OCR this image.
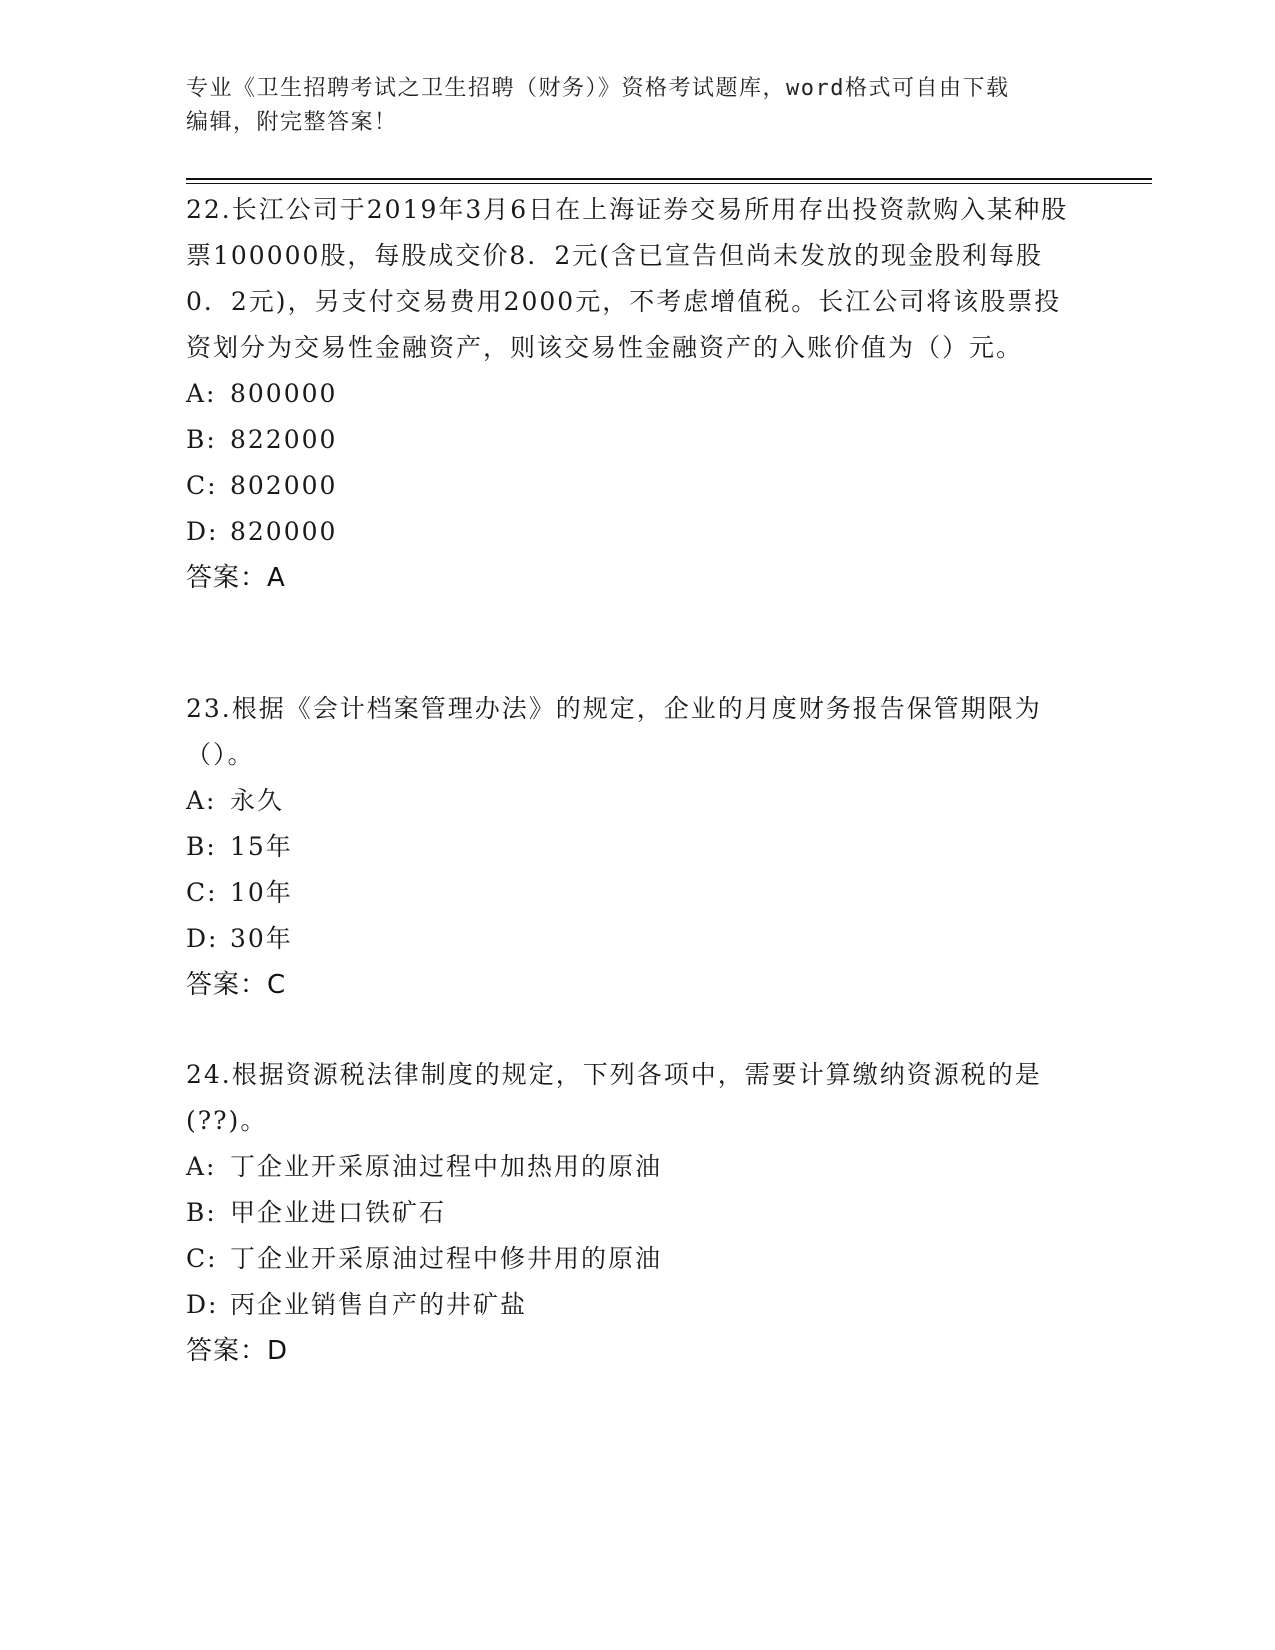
专业《卫生招聘考试之卫生招聘（财务）》资格考试题库，word格式可自由下载
编辑，附完整答案！

22.长江公司于2019年3月6日在上海证券交易所用存出投资款购入某种股票100000股，每股成交价8．2元(含已宣告但尚未发放的现金股利每股0．2元)，另支付交易费用2000元，不考虑增值税。长江公司将该股票投资划分为交易性金融资产，则该交易性金融资产的入账价值为（）元。

A: 800000

B: 822000

C: 802000

D: 820000

答案：A

23.根据《会计档案管理办法》的规定，企业的月度财务报告保管期限为（）。

A: 永久

B: 15年

C: 10年

D: 30年

答案：C

24.根据资源税法律制度的规定，下列各项中，需要计算缴纳资源税的是(??)。

A: 丁企业开采原油过程中加热用的原油

B: 甲企业进口铁矿石

C: 丁企业开采原油过程中修井用的原油

D: 丙企业销售自产的井矿盐

答案：D
